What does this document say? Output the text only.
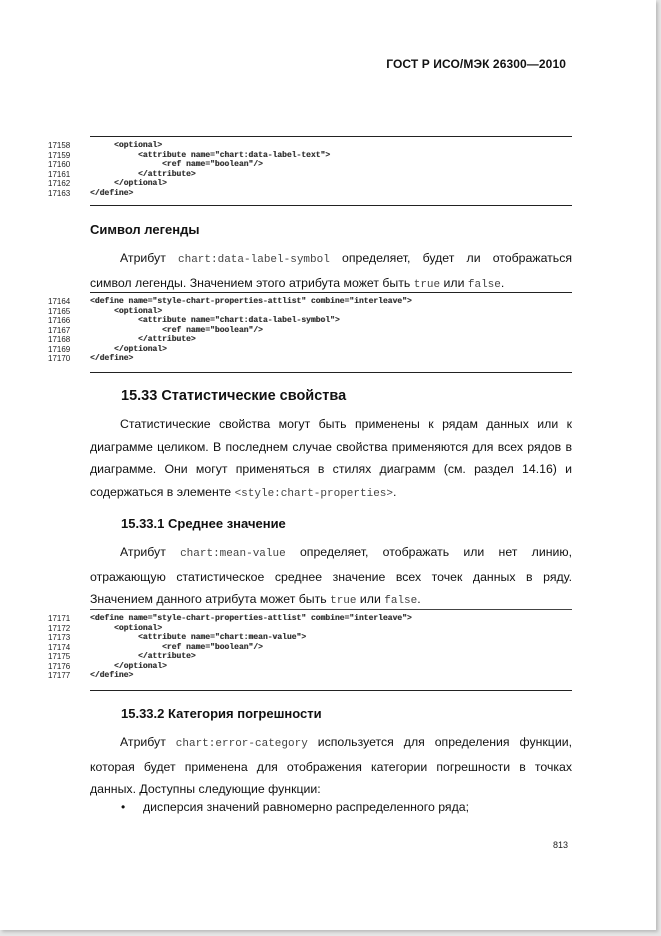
ГОСТ Р ИСО/МЭК 26300—2010
17158	<optional>
17159	<attribute name="chart:data-label-text">
17160	<ref name="boolean"/>
17161	</attribute>
17162	</optional>
17163	</define>
Символ легенды
Атрибут chart:data-label-symbol определяет, будет ли отображаться символ легенды. Значением этого атрибута может быть true или false.
17164	<define name="style-chart-properties-attlist" combine="interleave">
17165	<optional>
17166	<attribute name="chart:data-label-symbol">
17167	<ref name="boolean"/>
17168	</attribute>
17169	</optional>
17170	</define>
15.33 Статистические свойства
Статистические свойства могут быть применены к рядам данных или к диаграмме целиком. В последнем случае свойства применяются для всех рядов в диаграмме. Они могут применяться в стилях диаграмм (см. раздел 14.16) и содержаться в элементе <style:chart-properties>.
15.33.1 Среднее значение
Атрибут chart:mean-value определяет, отображать или нет линию, отражающую статистическое среднее значение всех точек данных в ряду. Значением данного атрибута может быть true или false.
17171	<define name="style-chart-properties-attlist" combine="interleave">
17172	<optional>
17173	<attribute name="chart:mean-value">
17174	<ref name="boolean"/>
17175	</attribute>
17176	</optional>
17177	</define>
15.33.2 Категория погрешности
Атрибут chart:error-category используется для определения функции, которая будет применена для отображения категории погрешности в точках данных. Доступны следующие функции:
• дисперсия значений равномерно распределенного ряда;
813
